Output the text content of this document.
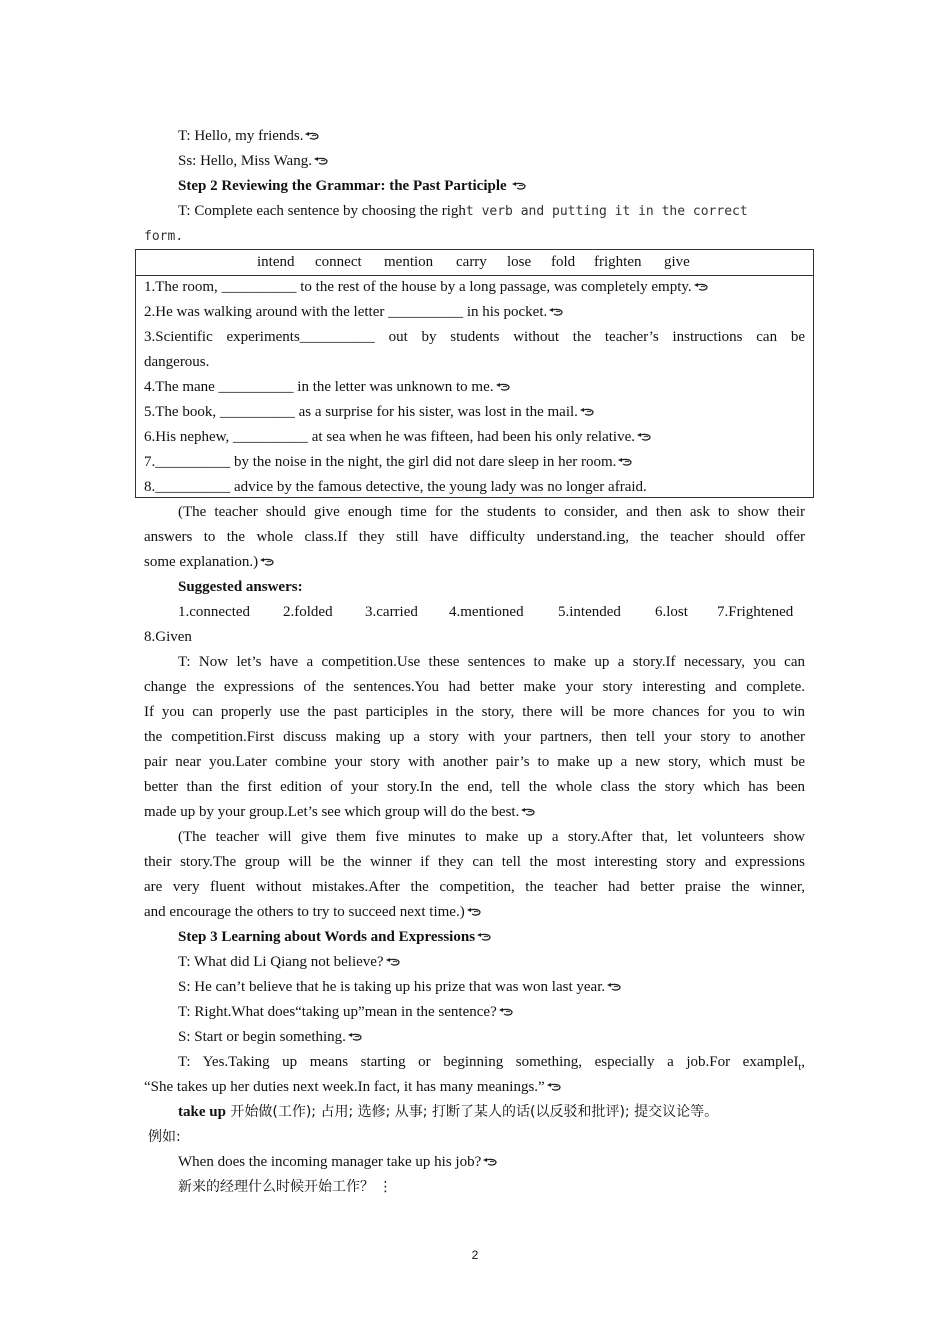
T: Hello, my friends.
Ss: Hello, Miss Wang.
Step 2 Reviewing the Grammar: the Past Participle
T: Complete each sentence by choosing the right verb and putting it in the correct
form.
intend connect mention carry lose fold frighten give
1.The room, __________ to the rest of the house by a long passage, was completely empty.
2.He was walking around with the letter __________ in his pocket.
3.Scientific experiments__________ out by students without the teacher’s instructions can be
dangerous.
4.The mane __________ in the letter was unknown to me.
5.The book, __________ as a surprise for his sister, was lost in the mail.
6.His nephew, __________ at sea when he was fifteen, had been his only relative.
7.__________ by the noise in the night, the girl did not dare sleep in her room.
8.__________ advice by the famous detective, the young lady was no longer afraid.
(The teacher should give enough time for the students to consider, and then ask to show their
answers to the whole class.If they still have difficulty understand.ing, the teacher should offer
some explanation.)
Suggested answers:
1.connected 2.folded 3.carried 4.mentioned 5.intended 6.lost 7.Frightened
8.Given
T: Now let’s have a competition.Use these sentences to make up a story.If necessary, you can
change the expressions of the sentences.You had better make your story interesting and complete.
If you can properly use the past participles in the story, there will be more chances for you to win
the competition.First discuss making up a story with your partners, then tell your story to another
pair near you.Later combine your story with another pair’s to make up a new story, which must be
better than the first edition of your story.In the end, tell the whole class the story which has been
made up by your group.Let’s see which group will do the best.
(The teacher will give them five minutes to make up a story.After that, let volunteers show
their story.The group will be the winner if they can tell the most interesting story and expressions
are very fluent without mistakes.After the competition, the teacher had better praise the winner,
and encourage the others to try to succeed next time.)
Step 3 Learning about Words and Expressions
T: What did Li Qiang not believe?
S: He can’t believe that he is taking up his prize that was won last year.
T: Right.What does“taking up”mean in the sentence?
S: Start or begin something.
T: Yes.Taking up means starting or beginning something, especially a job.For exampleI$_t$,
“She takes up her duties next week.In fact, it has many meanings.”
take up 开始做(工作); 占用; 选修; 从事; 打断了某人的话(以反驳和批评); 提交议论等。
例如:
When does the incoming manager take up his job?
新来的经理什么时候开始工作？ ⋮
2
